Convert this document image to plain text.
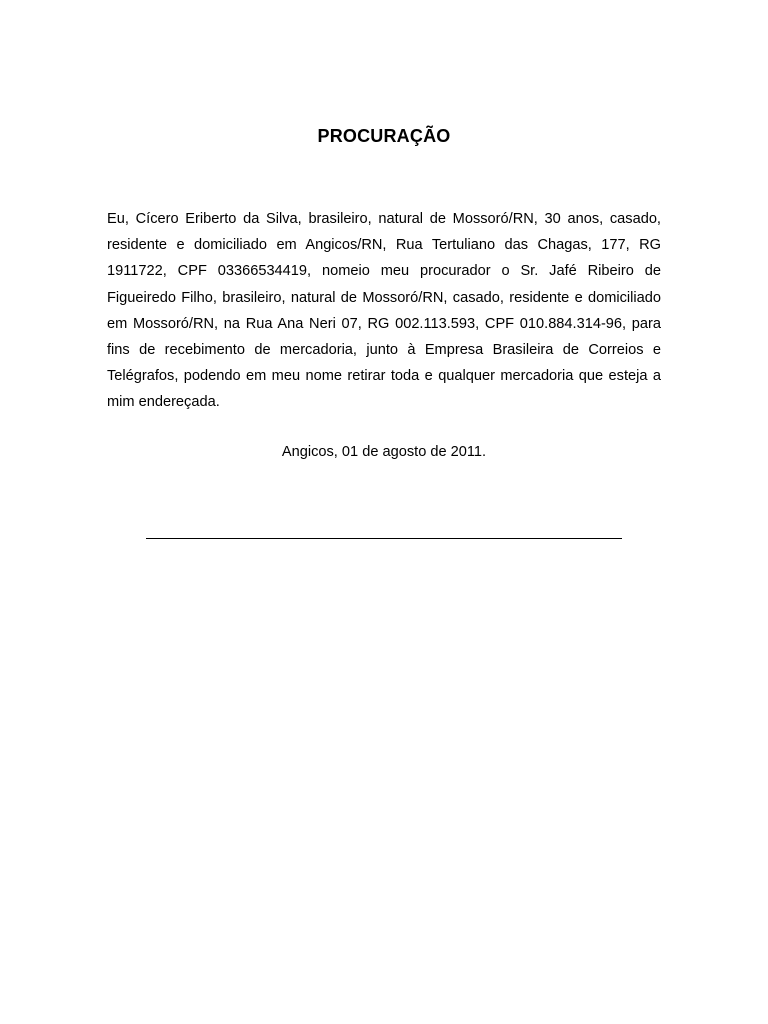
PROCURAÇÃO

Eu, Cícero Eriberto da Silva, brasileiro, natural de Mossoró/RN, 30 anos, casado, residente e domiciliado em Angicos/RN, Rua Tertuliano das Chagas, 177, RG 1911722, CPF 03366534419, nomeio meu procurador o Sr. Jafé Ribeiro de Figueiredo Filho, brasileiro, natural de Mossoró/RN, casado, residente e domiciliado em Mossoró/RN, na Rua Ana Neri 07, RG 002.113.593, CPF 010.884.314-96, para fins de recebimento de mercadoria, junto à Empresa Brasileira de Correios e Telégrafos, podendo em meu nome retirar toda e qualquer mercadoria que esteja a mim endereçada.

Angicos, 01 de agosto de 2011.
